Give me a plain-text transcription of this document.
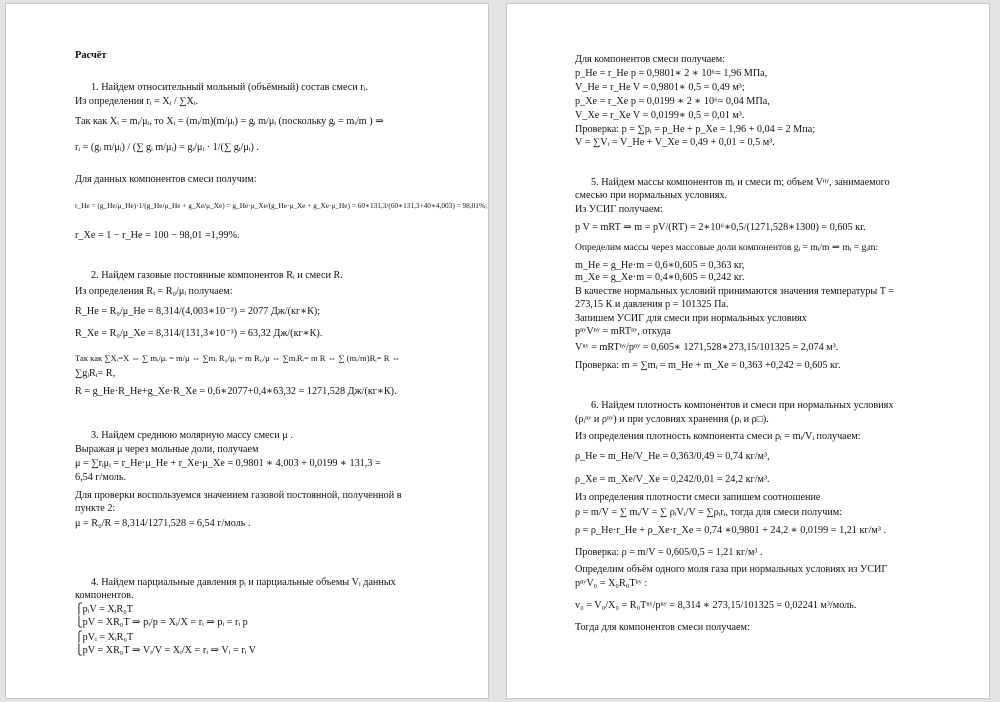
Расчёт
1. Найдем относительный мольный (объёмный) состав смеси rᵢ.
Из определения rᵢ = Xᵢ / ∑Xᵢ.
Так как Xᵢ = mᵢ/μᵢ, то Xᵢ = (mᵢ/m)(m/μᵢ) = gᵢ m/μᵢ (поскольку gᵢ = mᵢ/m ) ⇒
rᵢ = (gᵢ m/μᵢ) / (∑ gᵢ m/μᵢ) = gᵢ/μᵢ · 1/(∑ gᵢ/μᵢ) .
Для данных компонентов смеси получим:
r_He = (g_He/μ_He)·1/(g_He/μ_He + g_Xe/μ_Xe) = g_He·μ_Xe/(g_He·μ_Xe + g_Xe·μ_He) = 60∗131,3/(60∗131,3+40∗4,003) = 98,01%;
r_Xe = 1 − r_He = 100 − 98,01 =1,99%.
2. Найдем газовые постоянные компонентов Rᵢ и смеси R.
Из определения Rᵢ = R₀/μᵢ получаем:
R_He = R₀/μ_He = 8,314/(4,003∗10⁻³) = 2077 Дж/(кг∗К);
R_Xe = R₀/μ_Xe = 8,314/(131,3∗10⁻³) = 63,32 Дж/(кг∗К).
Так как ∑Xᵢ=X ⇔ ∑ mᵢ/μᵢ = m/μ ⇔ ∑mᵢ R₀/μᵢ = m R₀/μ ⇔ ∑mᵢRᵢ= m R ⇔ ∑ (mᵢ/m)Rᵢ= R ⇔
∑gᵢRᵢ= R,
R = g_He·R_He+g_Xe·R_Xe = 0,6∗2077+0,4∗63,32 = 1271,528 Дж/(кг∗К).
3. Найдем среднюю молярную массу смеси μ .
Выражая μ через мольные доли, получаем
μ = ∑rᵢμᵢ = r_He·μ_He + r_Xe·μ_Xe = 0,9801 ∗ 4,003 + 0,0199 ∗ 131,3 =
6,54 г/моль.
Для проверки воспользуемся значением газовой постоянной, полученной в
пункте 2:
μ = R₀/R = 8,314/1271,528 = 6,54 г/моль .
4. Найдем парциальные давления pᵢ и парциальные объемы Vᵢ данных
компонентов.
⎧pᵢV = XᵢR₀T
⎩pV = XR₀T ⇒ pᵢ/p = Xᵢ/X = rᵢ ⇒ pᵢ = rᵢ p
⎧pVᵢ = XᵢR₀T
⎩pV = XR₀T ⇒ Vᵢ/V = Xᵢ/X = rᵢ ⇒ Vᵢ = rᵢ V
Для компонентов смеси получаем:
p_He = r_He p = 0,9801∗ 2 ∗ 10⁶= 1,96 МПа,
V_He = r_He V = 0,9801∗ 0,5 = 0,49 м³;
p_Xe = r_Xe p = 0,0199 ∗ 2 ∗ 10⁶= 0,04 МПа,
V_Xe = r_Xe V = 0,0199∗ 0,5 = 0,01 м³.
Проверка: p = ∑pᵢ = p_He + p_Xe = 1,96 + 0,04 = 2 Мпа;
V = ∑Vᵢ = V_He + V_Xe = 0,49 + 0,01 = 0,5 м³.
5. Найдем массы компонентов mᵢ и смеси m; объем Vⁿʸ, занимаемого
смесью при нормальных условиях.
Из УСИГ получаем:
p V = mRT ⇒ m = pV/(RT) = 2∗10⁶∗0,5/(1271,528∗1300) = 0,605 кг.
Определим массы через массовые доли компонентов gᵢ = mᵢ/m ⇒ mᵢ = gᵢm:
m_He = g_He·m = 0,6∗0,605 = 0,363 кг,
m_Xe = g_Xe·m = 0,4∗0,605 = 0,242 кг.
В качестве нормальных условий принимаются значения температуры T =
273,15 К и давления p = 101325 Па.
Запишем УСИГ для смеси при нормальных условиях
pⁿʸVⁿʸ = mRTⁿʸ, откуда
Vⁿʸ = mRTⁿʸ/pⁿʸ = 0,605∗ 1271,528∗273,15/101325 = 2,074 м³.
Проверка: m = ∑mᵢ = m_He + m_Xe = 0,363 +0,242 = 0,605 кг.
6. Найдем плотность компонентов и смеси при нормальных условиях
(ρᵢⁿʸ и ρⁿʸ) и при условиях хранения (ρᵢ и ρ□).
Из определения плотность компонента смеси ρᵢ = mᵢ/Vᵢ получаем:
ρ_He = m_He/V_He = 0,363/0,49 = 0,74 кг/м³,
ρ_Xe = m_Xe/V_Xe = 0,242/0,01 = 24,2 кг/м³.
Из определения плотности смеси запишем соотношение
ρ = m/V = ∑ mᵢ/V = ∑ ρᵢVᵢ/V = ∑ρᵢrᵢ, тогда для смеси получим:
ρ = ρ_He·r_He + ρ_Xe·r_Xe = 0,74 ∗0,9801 + 24,2 ∗ 0,0199 = 1,21 кг/м³ .
Проверка: ρ = m/V = 0,605/0,5 = 1,21 кг/м³ .
Определим объём одного моля газа при нормальных условиях из УСИГ
pⁿʸV₀ = X₀R₀Tⁿʸ :
v₀ = V₀/X₀ = R₀Tⁿʸ/pⁿʸ = 8,314 ∗ 273,15/101325 = 0,02241 м³/моль.
Тогда для компонентов смеси получаем:
